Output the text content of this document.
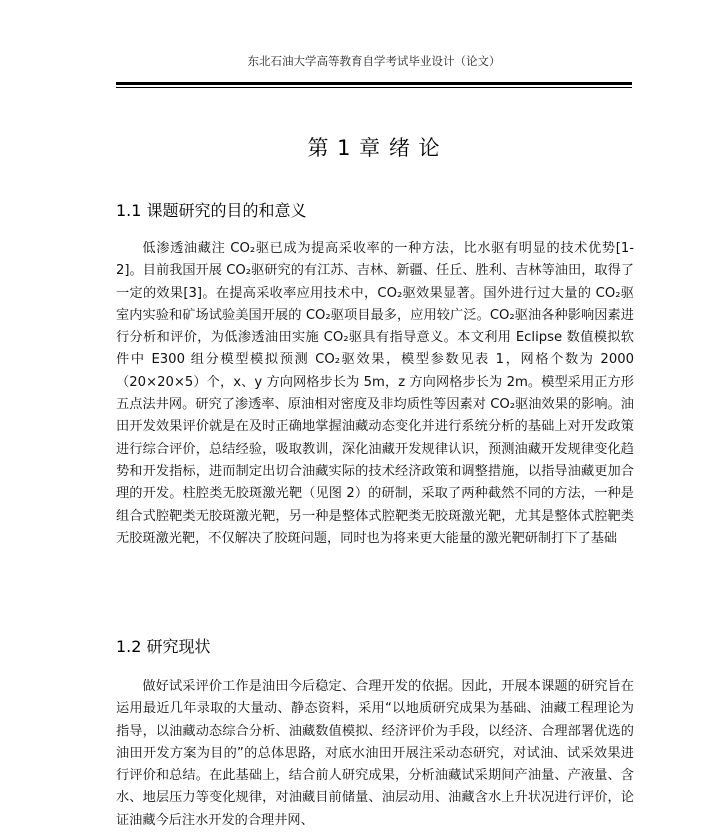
东北石油大学高等教育自学考试毕业设计（论文）
第 1 章 绪 论
1.1 课题研究的目的和意义

低渗透油藏注 CO₂驱已成为提高采收率的一种方法，比水驱有明显的技术优势[1-2]。目前我国开展 CO₂驱研究的有江苏、吉林、新疆、任丘、胜利、吉林等油田，取得了一定的效果[3]。在提高采收率应用技术中，CO₂驱效果显著。国外进行过大量的 CO₂驱室内实验和矿场试验美国开展的 CO₂驱项目最多，应用较广泛。CO₂驱油各种影响因素进行分析和评价，为低渗透油田实施 CO₂驱具有指导意义。本文利用 Eclipse 数值模拟软件中 E300 组分模型模拟预测 CO₂驱效果，模型参数见表 1，网格个数为 2000（20×20×5）个，x、y 方向网格步长为 5m，z 方向网格步长为 2m。模型采用正方形五点法井网。研究了渗透率、原油相对密度及非均质性等因素对 CO₂驱油效果的影响。油田开发效果评价就是在及时正确地掌握油藏动态变化并进行系统分析的基础上对开发政策进行综合评价，总结经验，吸取教训，深化油藏开发规律认识，预测油藏开发规律变化趋势和开发指标，进而制定出切合油藏实际的技术经济政策和调整措施，以指导油藏更加合理的开发。柱腔类无胶斑激光靶（见图 2）的研制，采取了两种截然不同的方法，一种是组合式腔靶类无胶斑激光靶，另一种是整体式腔靶类无胶斑激光靶，尤其是整体式腔靶类无胶斑激光靶，不仅解决了胶斑问题，同时也为将来更大能量的激光靶研制打下了基础

1.2 研究现状

做好试采评价工作是油田今后稳定、合理开发的依据。因此，开展本课题的研究旨在运用最近几年录取的大量动、静态资料，采用“以地质研究成果为基础、油藏工程理论为指导，以油藏动态综合分析、油藏数值模拟、经济评价为手段，以经济、合理部署优选的油田开发方案为目的”的总体思路，对底水油田开展注采动态研究，对试油、试采效果进行评价和总结。在此基础上，结合前人研究成果，分析油藏试采期间产油量、产液量、含水、地层压力等变化规律，对油藏目前储量、油层动用、油藏含水上升状况进行评价，论证油藏今后注水开发的合理井网、
